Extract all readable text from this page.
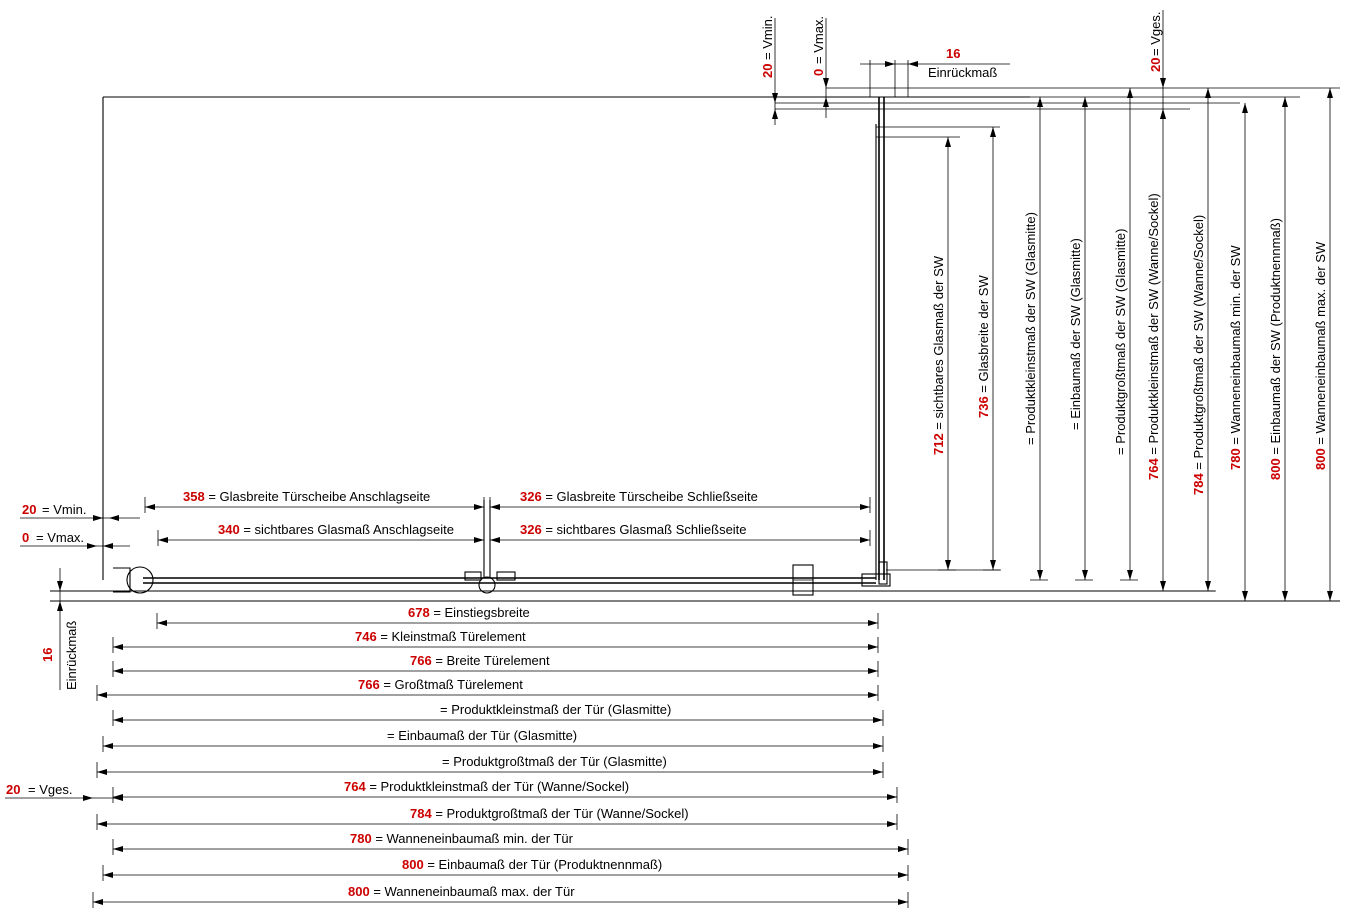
678 = Einstiegsbreite
746 = Kleinstmaß Türelement
766 = Breite Türelement
766 = Großtmaß Türelement
= Produktkleinstmaß der Tür (Glasmitte)
= Einbaumaß der Tür (Glasmitte)
= Produktgroßtmaß der Tür (Glasmitte)
764 = Produktkleinstmaß der Tür (Wanne/Sockel)
784 = Produktgroßtmaß der Tür (Wanne/Sockel)
780 = Wanneneinbaumaß min. der Tür
800 = Einbaumaß der Tür (Produktnennmaß)
800 = Wanneneinbaumaß max. der Tür
358 = Glasbreite Türscheibe Anschlagseite	326 = Glasbreite Türscheibe Schließseite
340 = sichtbares Glasmaß Anschlagseite	326 = sichtbares Glasmaß Schließseite
712 = sichtbares Glasmaß der SW 736 = Glasbreite der SW = Produktkleinstmaß der SW (Glasmitte) = Einbaumaß der SW (Glasmitte) = Produktgroßtmaß der SW (Glasmitte)
764 = Produktkleinstmaß der SW (Wanne/Sockel)
784 = Produktgroßtmaß der SW (Wanne/Sockel) 780 = Wanneneinbaumaß min. der SW
800 = Einbaumaß der SW (Produktnennmaß)
800 = Wanneneinbaumaß max. der SW
20
= Vmin.
0
= Vmax.	16
Einrückmaß
20
= Vges.
20 = Vmin.
0 = Vmax.
16 Einrückmaß
20 = Vges.
